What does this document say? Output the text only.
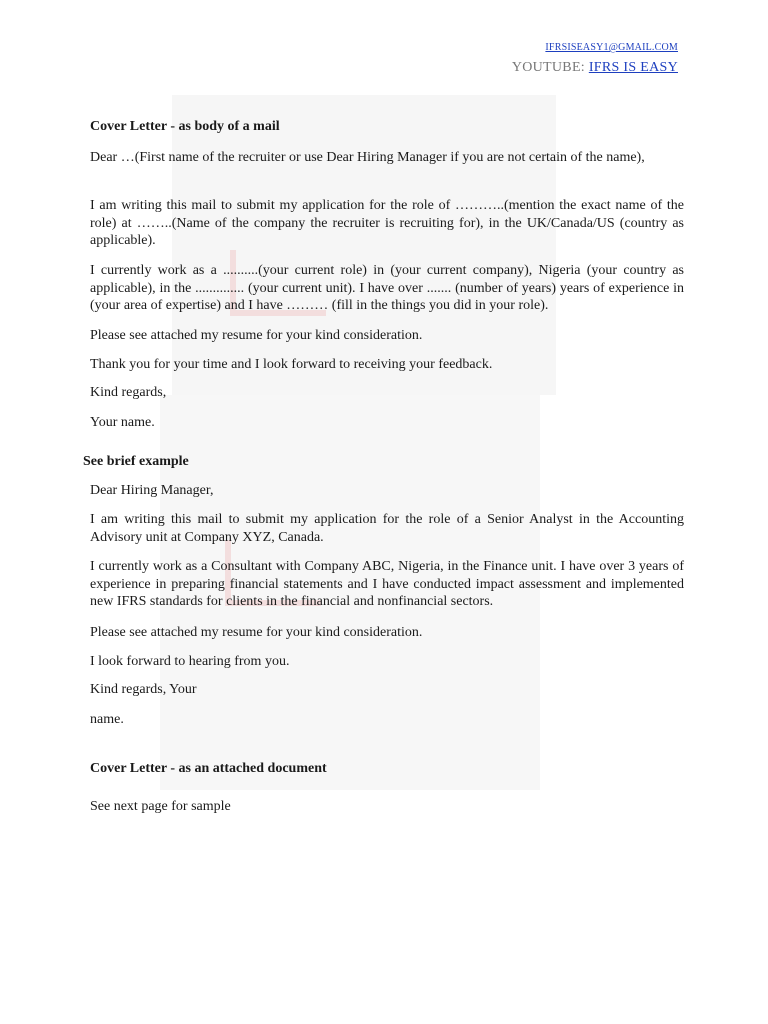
IFRSISEASY1@GMAIL.COM
YOUTUBE: IFRS IS EASY

Cover Letter - as body of a mail

Dear …(First name of the recruiter or use Dear Hiring Manager if you are not certain of the name),

I am writing this mail to submit my application for the role of ………..(mention the exact name of the role) at ……..(Name of the company the recruiter is recruiting for), in the UK/Canada/US (country as applicable).

I currently work as a ..........(your current role) in (your current company), Nigeria (your country as applicable), in the .............. (your current unit). I have over ....... (number of years) years of experience in (your area of expertise) and I have ……… (fill in the things you did in your role).

Please see attached my resume for your kind consideration.

Thank you for your time and I look forward to receiving your feedback.

Kind regards,

Your name.

See brief example

Dear Hiring Manager,

I am writing this mail to submit my application for the role of a Senior Analyst in the Accounting Advisory unit at Company XYZ, Canada.

I currently work as a Consultant with Company ABC, Nigeria, in the Finance unit. I have over 3 years of experience in preparing financial statements and I have conducted impact assessment and implemented new IFRS standards for clients in the financial and nonfinancial sectors.

Please see attached my resume for your kind consideration.

I look forward to hearing from you.

Kind regards, Your

name.

Cover Letter - as an attached document

See next page for sample
